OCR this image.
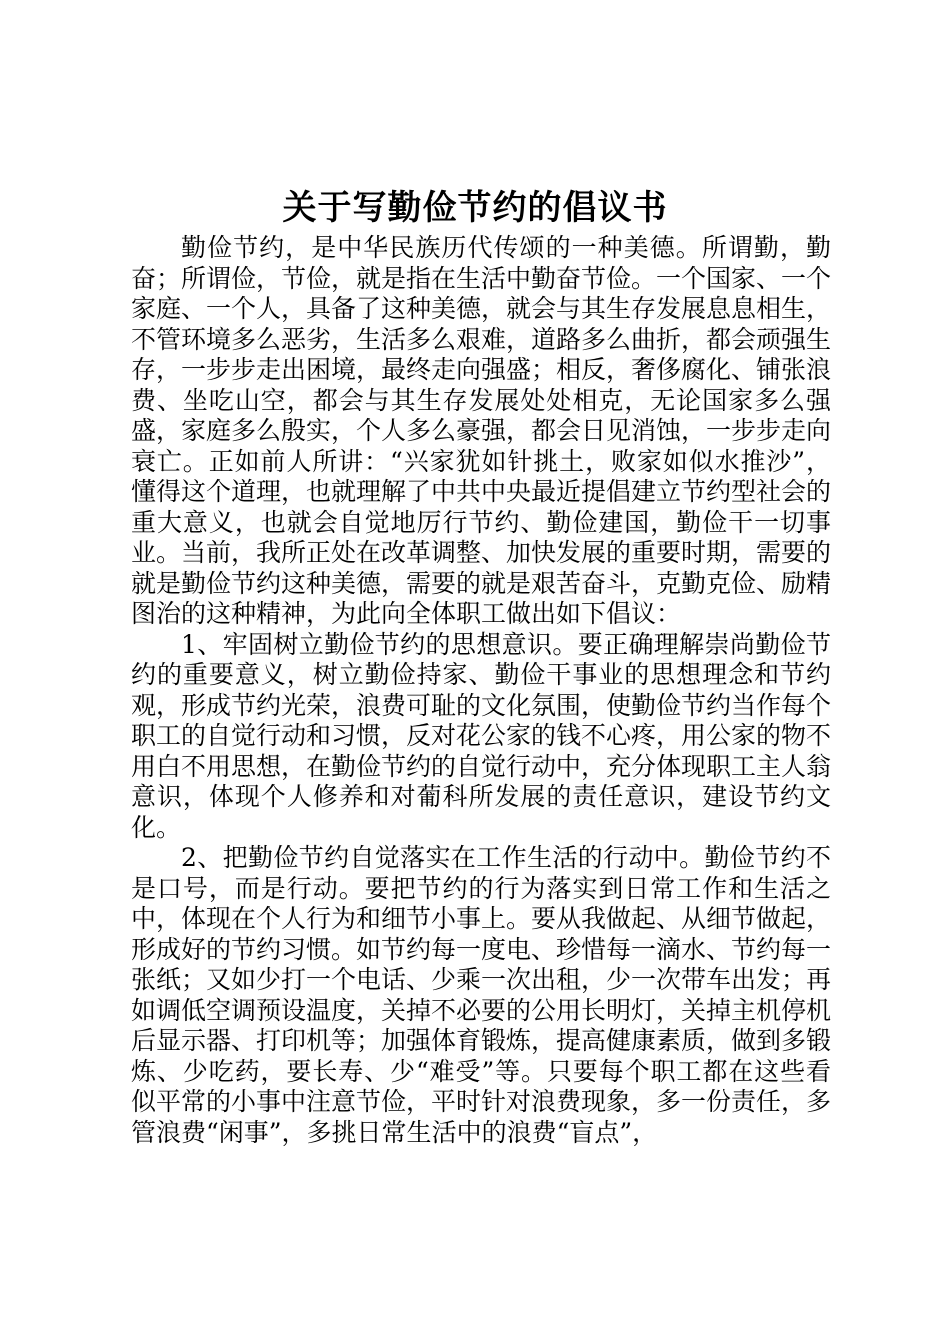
关于写勤俭节约的倡议书

勤俭节约，是中华民族历代传颂的一种美德。所谓勤，勤奋；所谓俭，节俭，就是指在生活中勤奋节俭。一个国家、一个家庭、一个人，具备了这种美德，就会与其生存发展息息相生，不管环境多么恶劣，生活多么艰难，道路多么曲折，都会顽强生存，一步步走出困境，最终走向强盛；相反，奢侈腐化、铺张浪费、坐吃山空，都会与其生存发展处处相克，无论国家多么强盛，家庭多么殷实，个人多么豪强，都会日见消蚀，一步步走向衰亡。正如前人所讲：“兴家犹如针挑土，败家如似水推沙”，懂得这个道理，也就理解了中共中央最近提倡建立节约型社会的重大意义，也就会自觉地厉行节约、勤俭建国，勤俭干一切事业。当前，我所正处在改革调整、加快发展的重要时期，需要的就是勤俭节约这种美德，需要的就是艰苦奋斗，克勤克俭、励精图治的这种精神，为此向全体职工做出如下倡议：

1、牢固树立勤俭节约的思想意识。要正确理解崇尚勤俭节约的重要意义，树立勤俭持家、勤俭干事业的思想理念和节约观，形成节约光荣，浪费可耻的文化氛围，使勤俭节约当作每个职工的自觉行动和习惯，反对花公家的钱不心疼，用公家的物不用白不用思想，在勤俭节约的自觉行动中，充分体现职工主人翁意识，体现个人修养和对葡科所发展的责任意识，建设节约文化。

2、把勤俭节约自觉落实在工作生活的行动中。勤俭节约不是口号，而是行动。要把节约的行为落实到日常工作和生活之中，体现在个人行为和细节小事上。要从我做起、从细节做起，形成好的节约习惯。如节约每一度电、珍惜每一滴水、节约每一张纸；又如少打一个电话、少乘一次出租，少一次带车出发；再如调低空调预设温度，关掉不必要的公用长明灯，关掉主机停机后显示器、打印机等；加强体育锻炼，提高健康素质，做到多锻炼、少吃药，要长寿、少“难受”等。只要每个职工都在这些看似平常的小事中注意节俭，平时针对浪费现象，多一份责任，多管浪费“闲事”，多挑日常生活中的浪费“盲点”，
